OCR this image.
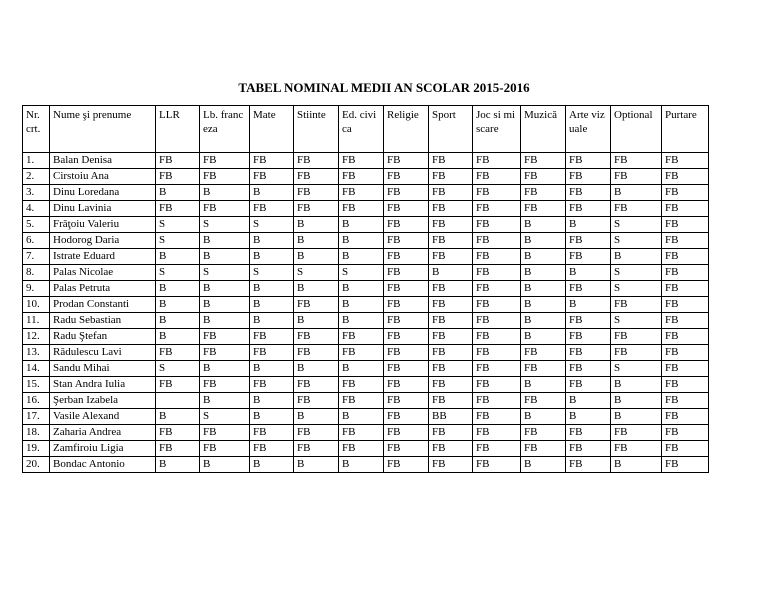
TABEL NOMINAL MEDII AN SCOLAR 2015-2016
Nr. crt.	Nume şi prenume	LLR	Lb. franceza	Mate	Stiinte	Ed. civica	Religie	Sport	Joc si miscare	Muzică	Arte vizuale	Optional	Purtare
1.	Balan Denisa	FB	FB	FB	FB	FB	FB	FB	FB	FB	FB	FB	FB
2.	Cirstoiu Ana	FB	FB	FB	FB	FB	FB	FB	FB	FB	FB	FB	FB
3.	Dinu Loredana	B	B	B	FB	FB	FB	FB	FB	FB	FB	B	FB
4.	Dinu Lavinia	FB	FB	FB	FB	FB	FB	FB	FB	FB	FB	FB	FB
5.	Frăţoiu Valeriu	S	S	S	B	B	FB	FB	FB	B	B	S	FB
6.	Hodorog Daria	S	B	B	B	B	FB	FB	FB	B	FB	S	FB
7.	Istrate Eduard	B	B	B	B	B	FB	FB	FB	B	FB	B	FB
8.	Palas Nicolae	S	S	S	S	S	FB	B	FB	B	B	S	FB
9.	Palas Petruta	B	B	B	B	B	FB	FB	FB	B	FB	S	FB
10.	Prodan Constanti	B	B	B	FB	B	FB	FB	FB	B	B	FB	FB
11.	Radu Sebastian	B	B	B	B	B	FB	FB	FB	B	FB	S	FB
12.	Radu Ştefan	B	FB	FB	FB	FB	FB	FB	FB	B	FB	FB	FB
13.	Rădulescu Lavi	FB	FB	FB	FB	FB	FB	FB	FB	FB	FB	FB	FB
14.	Sandu Mihai	S	B	B	B	B	FB	FB	FB	FB	FB	S	FB
15.	Stan Andra Iulia	FB	FB	FB	FB	FB	FB	FB	FB	B	FB	B	FB
16.	Şerban Izabela		B	B	FB	FB	FB	FB	FB	FB	B	B	FB
17.	Vasile Alexand	B	S	B	B	B	FB	BB	FB	B	B	B	FB
18.	Zaharia Andrea	FB	FB	FB	FB	FB	FB	FB	FB	FB	FB	FB	FB
19.	Zamfiroiu Ligia	FB	FB	FB	FB	FB	FB	FB	FB	FB	FB	FB	FB
20.	Bondac Antonio	B	B	B	B	B	FB	FB	FB	B	FB	B	FB
